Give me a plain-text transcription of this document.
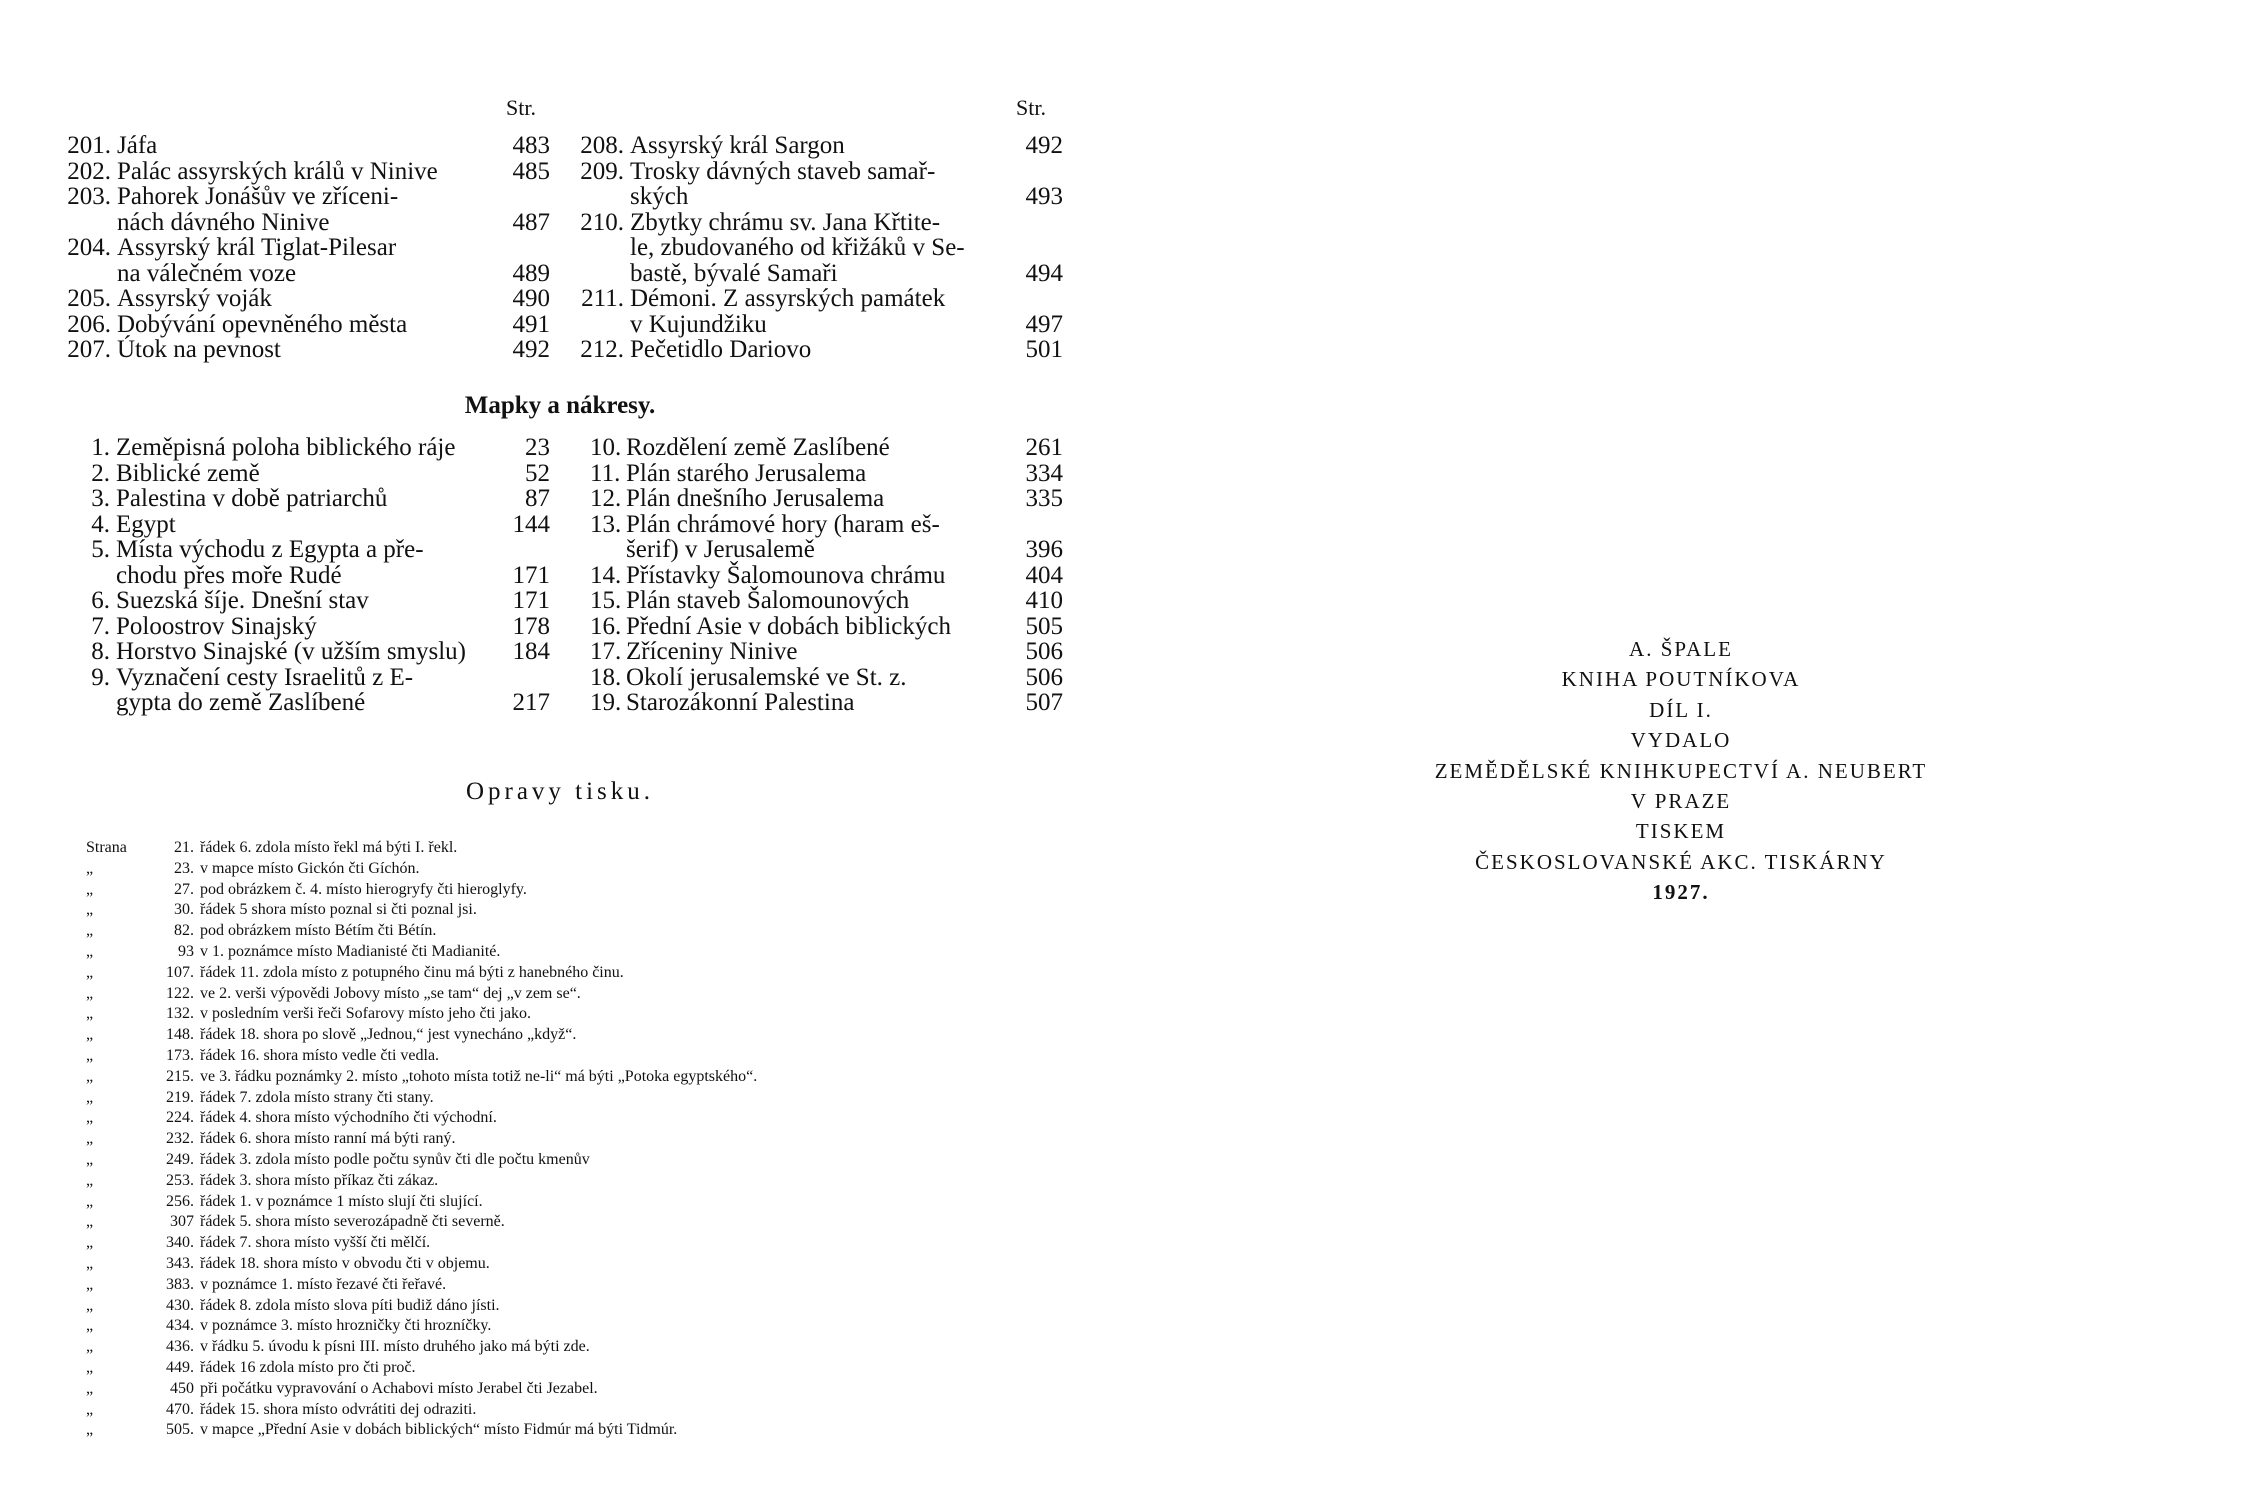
Str.	Str.
201. Jáfa	483
202. Palác assyrských králů v Ninive	485
203. Pahorek Jonášův ve zříceni-
nách dávného Ninive	487
204. Assyrský král Tiglat-Pilesar
na válečném voze	489
205. Assyrský voják	490
206. Dobývání opevněného města	491
207. Útok na pevnost	492
208. Assyrský král Sargon	492
209. Trosky dávných staveb samař-
ských	493
210. Zbytky chrámu sv. Jana Křtite-
le, zbudovaného od křižáků v Se-
bastě, bývalé Samaři	494
211. Démoni. Z assyrských památek
v Kujundžiku	497
212. Pečetidlo Dariovo	501
Mapky a nákresy.
1. Zeměpisná poloha biblického ráje	23
2. Biblické země	52
3. Palestina v době patriarchů	87
4. Egypt	144
5. Místa východu z Egypta a pře-
chodu přes moře Rudé	171
6. Suezská šíje. Dnešní stav	171
7. Poloostrov Sinajský	178
8. Horstvo Sinajské (v užším smyslu)	184
9. Vyznačení cesty Israelitů z E-
gypta do země Zaslíbené	217
10. Rozdělení země Zaslíbené	261
11. Plán starého Jerusalema	334
12. Plán dnešního Jerusalema	335
13. Plán chrámové hory (haram eš-
šerif) v Jerusalemě	396
14. Přístavky Šalomounova chrámu	404
15. Plán staveb Šalomounových	410
16. Přední Asie v dobách biblických	505
17. Zříceniny Ninive	506
18. Okolí jerusalemské ve St. z.	506
19. Starozákonní Palestina	507
Opravy tisku.
Strana	21. řádek 6. zdola místo řekl má býti I. řekl.
„	23. v mapce místo Gickón čti Gíchón.
„	27. pod obrázkem č. 4. místo hierogryfy čti hieroglyfy.
„	30. řádek 5 shora místo poznal si čti poznal jsi.
„	82. pod obrázkem místo Bétím čti Bétín.
„	93 v 1. poznámce místo Madianisté čti Madianité.
„	107. řádek 11. zdola místo z potupného činu má býti z hanebného činu.
„	122. ve 2. verši výpovědi Jobovy místo „se tam“ dej „v zem se“.
„	132. v posledním verši řeči Sofarovy místo jeho čti jako.
„	148. řádek 18. shora po slově „Jednou,“ jest vynecháno „když“.
„	173. řádek 16. shora místo vedle čti vedla.
„	215. ve 3. řádku poznámky 2. místo „tohoto místa totiž ne-li“ má býti „Potoka egyptského“.
„	219. řádek 7. zdola místo strany čti stany.
„	224. řádek 4. shora místo východního čti východní.
„	232. řádek 6. shora místo ranní má býti raný.
„	249. řádek 3. zdola místo podle počtu synův čti dle počtu kmenův
„	253. řádek 3. shora místo příkaz čti zákaz.
„	256. řádek 1. v poznámce 1 místo slují čti slující.
„	307 řádek 5. shora místo severozápadně čti severně.
„	340. řádek 7. shora místo vyšší čti mělčí.
„	343. řádek 18. shora místo v obvodu čti v objemu.
„	383. v poznámce 1. místo řezavé čti řeřavé.
„	430. řádek 8. zdola místo slova píti budiž dáno jísti.
„	434. v poznámce 3. místo hrozničky čti hrozníčky.
„	436. v řádku 5. úvodu k písni III. místo druhého jako má býti zde.
„	449. řádek 16 zdola místo pro čti proč.
„	450 při počátku vypravování o Achabovi místo Jerabel čti Jezabel.
„	470. řádek 15. shora místo odvrátiti dej odraziti.
„	505. v mapce „Přední Asie v dobách biblických“ místo Fidmúr má býti Tidmúr.
A. ŠPALE
KNIHA POUTNÍKOVA
DÍL I.
VYDALO
ZEMĚDĚLSKÉ KNIHKUPECTVÍ A. NEUBERT
V PRAZE
TISKEM
ČESKOSLOVANSKÉ AKC. TISKÁRNY
1927.
